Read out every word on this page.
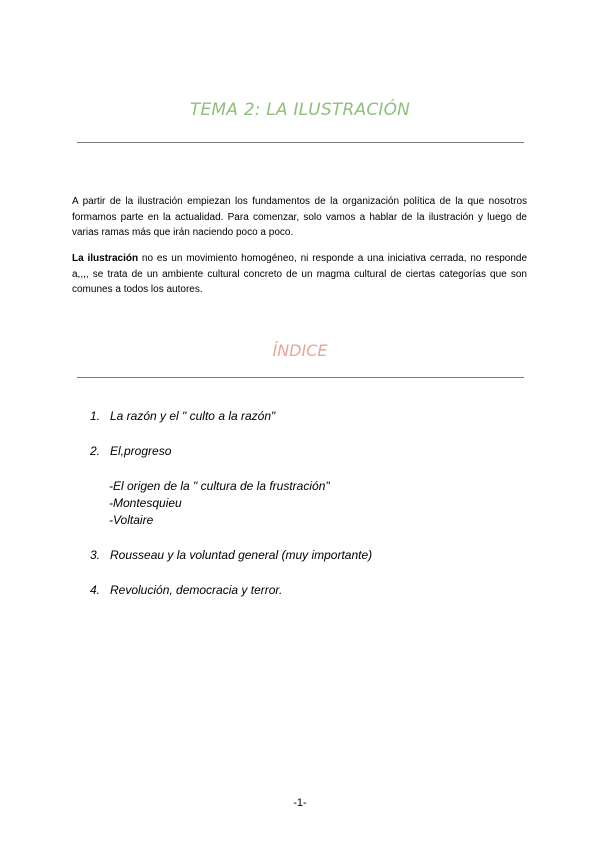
TEMA 2: LA ILUSTRACIÓN

A partir de la ilustración empiezan los fundamentos de la organización política de la que nosotros formamos parte en la actualidad. Para comenzar, solo vamos a hablar de la ilustración y luego de varias ramas más que irán naciendo poco a poco.

La ilustración no es un movimiento homogéneo, ni responde a una iniciativa cerrada, no responde a,,,, se trata de un ambiente cultural concreto de un magma cultural de ciertas categorías que son comunes a todos los autores.

ÍNDICE
1. La razón y el " culto a la razón"
2. El,progreso
-El origen de la " cultura de la frustración"
-Montesquieu
-Voltaire
3. Rousseau y la voluntad general (muy importante)
4. Revolución, democracia y terror.
-1-
